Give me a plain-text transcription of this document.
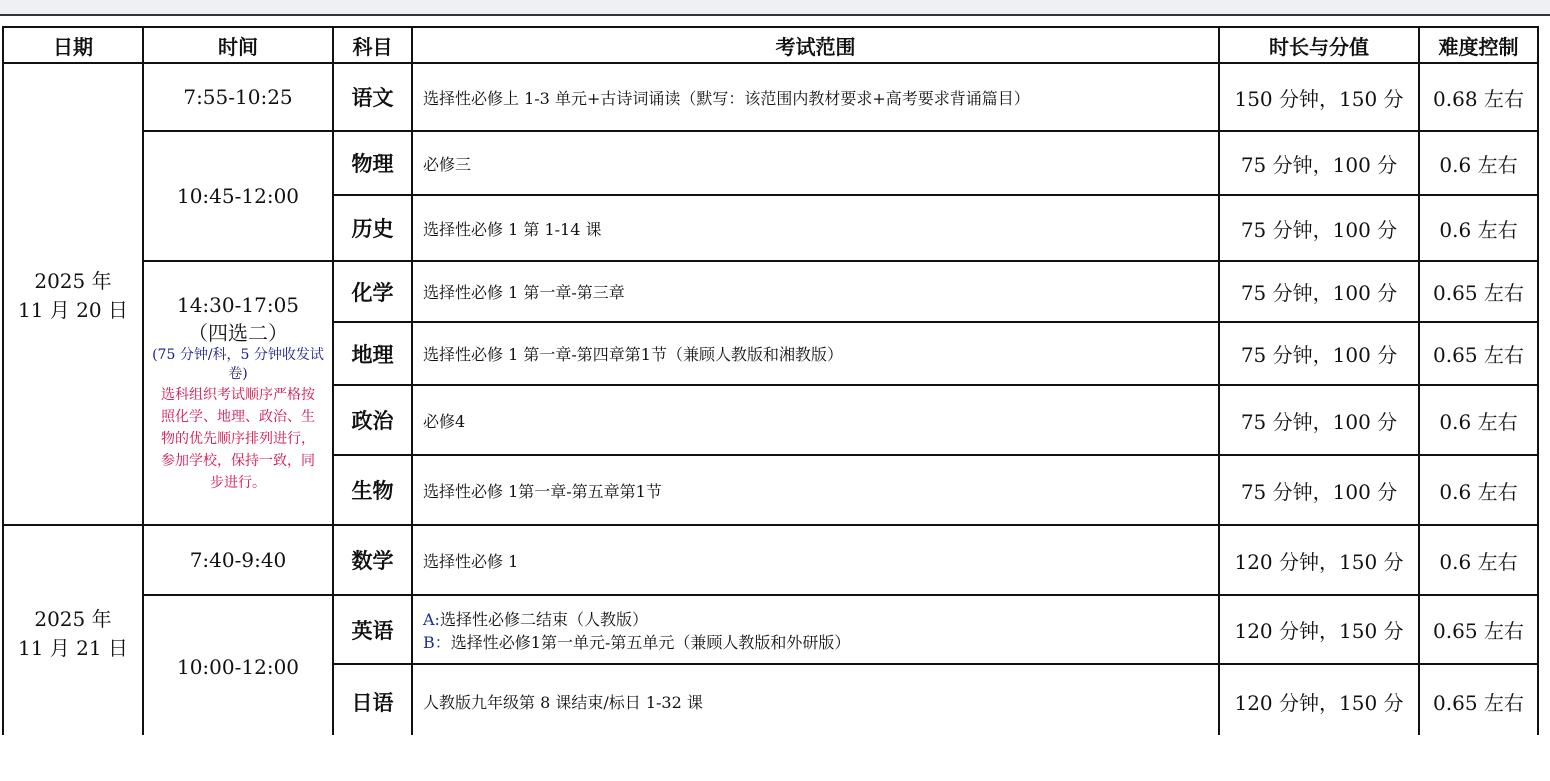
日期	时间	科目	考试范围	时长与分值	难度控制

2025 年
11 月 20 日	7:55-10:25	语文	选择性必修上 1-3 单元+古诗词诵读（默写：该范围内教材要求+高考要求背诵篇目）	150 分钟，150 分	0.68 左右
	10:45-12:00	物理	必修三	75 分钟，100 分	0.6 左右
		历史	选择性必修 1 第 1-14 课	75 分钟，100 分	0.6 左右

	14:30-17:05
（四选二）
(75 分钟/科，5 分钟收发试卷)
选科组织考试顺序严格按照化学、地理、政治、生物的优先顺序排列进行，参加学校，保持一致，同步进行。	化学	选择性必修 1 第一章-第三章	75 分钟，100 分	0.65 左右
		地理	选择性必修 1 第一章-第四章第1节（兼顾人教版和湘教版）	75 分钟，100 分	0.65 左右
		政治	必修4	75 分钟，100 分	0.6 左右
		生物	选择性必修 1第一章-第五章第1节	75 分钟，100 分	0.6 左右

2025 年
11 月 21 日	7:40-9:40	数学	选择性必修 1	120 分钟，150 分	0.6 左右
	10:00-12:00	英语	A:选择性必修二结束（人教版）
B：选择性必修1第一单元-第五单元（兼顾人教版和外研版）	120 分钟，150 分	0.65 左右
		日语	人教版九年级第 8 课结束/标日 1-32 课	120 分钟，150 分	0.65 左右
